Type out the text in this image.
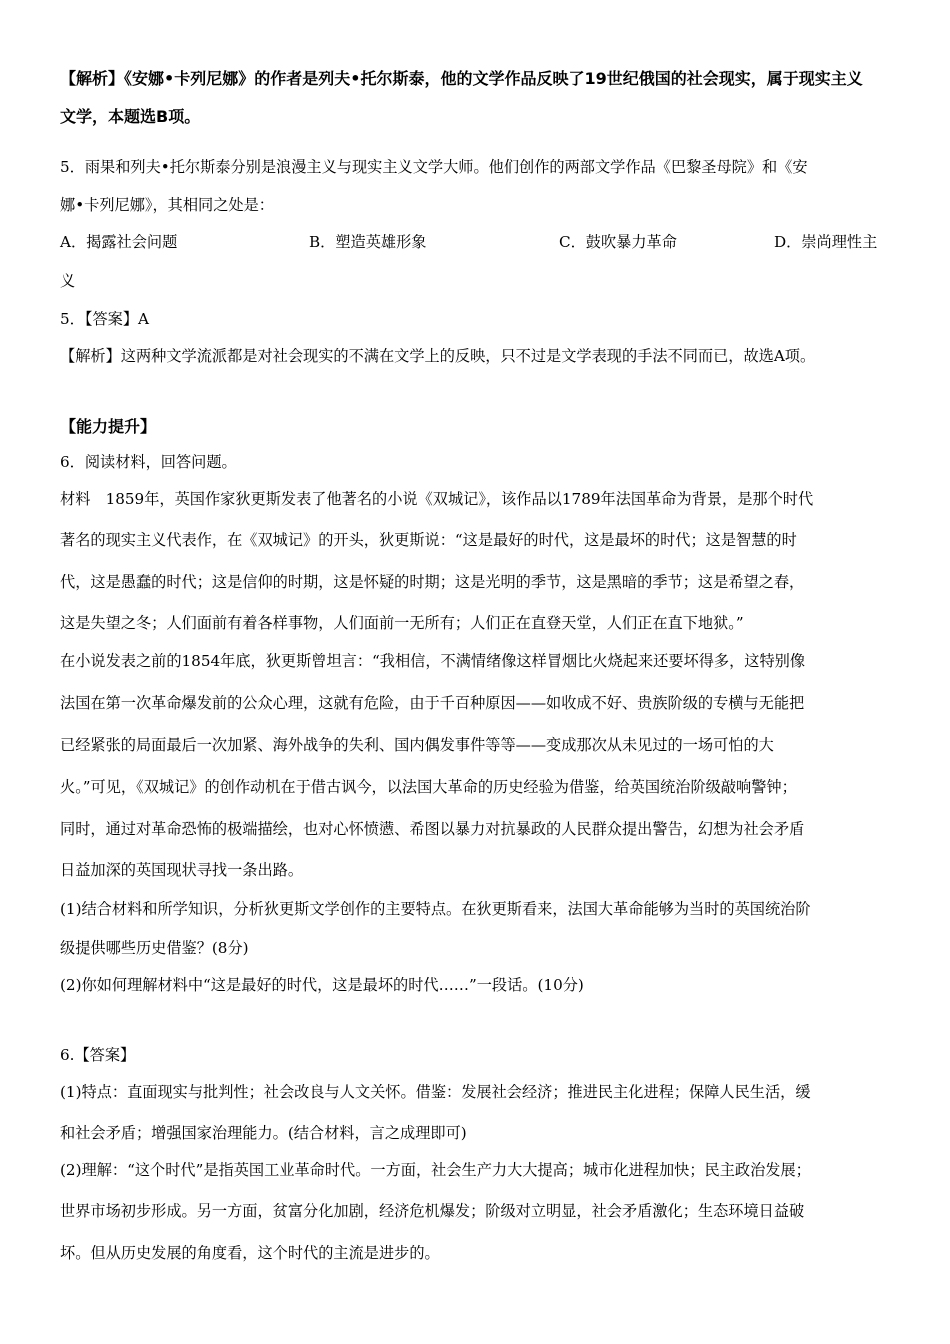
【解析】《安娜•卡列尼娜》的作者是列夫•托尔斯泰，他的文学作品反映了19世纪俄国的社会现实，属于现实主义
文学，本题选B项。
5．雨果和列夫•托尔斯泰分别是浪漫主义与现实主义文学大师。他们创作的两部文学作品《巴黎圣母院》和《安
娜•卡列尼娜》，其相同之处是：
A．揭露社会问题	B．塑造英雄形象	C．鼓吹暴力革命	D．崇尚理性主
义
5．【答案】A
【解析】这两种文学流派都是对社会现实的不满在文学上的反映，只不过是文学表现的手法不同而已，故选A项。
【能力提升】
6．阅读材料，回答问题。
材料　1859年，英国作家狄更斯发表了他著名的小说《双城记》，该作品以1789年法国革命为背景，是那个时代
著名的现实主义代表作，在《双城记》的开头，狄更斯说：“这是最好的时代，这是最坏的时代；这是智慧的时
代，这是愚蠢的时代；这是信仰的时期，这是怀疑的时期；这是光明的季节，这是黑暗的季节；这是希望之春，
这是失望之冬；人们面前有着各样事物，人们面前一无所有；人们正在直登天堂，人们正在直下地狱。”
在小说发表之前的1854年底，狄更斯曾坦言：“我相信，不满情绪像这样冒烟比火烧起来还要坏得多，这特别像
法国在第一次革命爆发前的公众心理，这就有危险，由于千百种原因——如收成不好、贵族阶级的专横与无能把
已经紧张的局面最后一次加紧、海外战争的失利、国内偶发事件等等——变成那次从未见过的一场可怕的大
火。”可见，《双城记》的创作动机在于借古讽今，以法国大革命的历史经验为借鉴，给英国统治阶级敲响警钟；
同时，通过对革命恐怖的极端描绘，也对心怀愤懑、希图以暴力对抗暴政的人民群众提出警告，幻想为社会矛盾
日益加深的英国现状寻找一条出路。
(1)结合材料和所学知识，分析狄更斯文学创作的主要特点。在狄更斯看来，法国大革命能够为当时的英国统治阶
级提供哪些历史借鉴？(8分)
(2)你如何理解材料中“这是最好的时代，这是最坏的时代……”一段话。(10分)
6.【答案】
(1)特点：直面现实与批判性；社会改良与人文关怀。借鉴：发展社会经济；推进民主化进程；保障人民生活，缓
和社会矛盾；增强国家治理能力。(结合材料，言之成理即可)
(2)理解：“这个时代”是指英国工业革命时代。一方面，社会生产力大大提高；城市化进程加快；民主政治发展；
世界市场初步形成。另一方面，贫富分化加剧，经济危机爆发；阶级对立明显，社会矛盾激化；生态环境日益破
坏。但从历史发展的角度看，这个时代的主流是进步的。
